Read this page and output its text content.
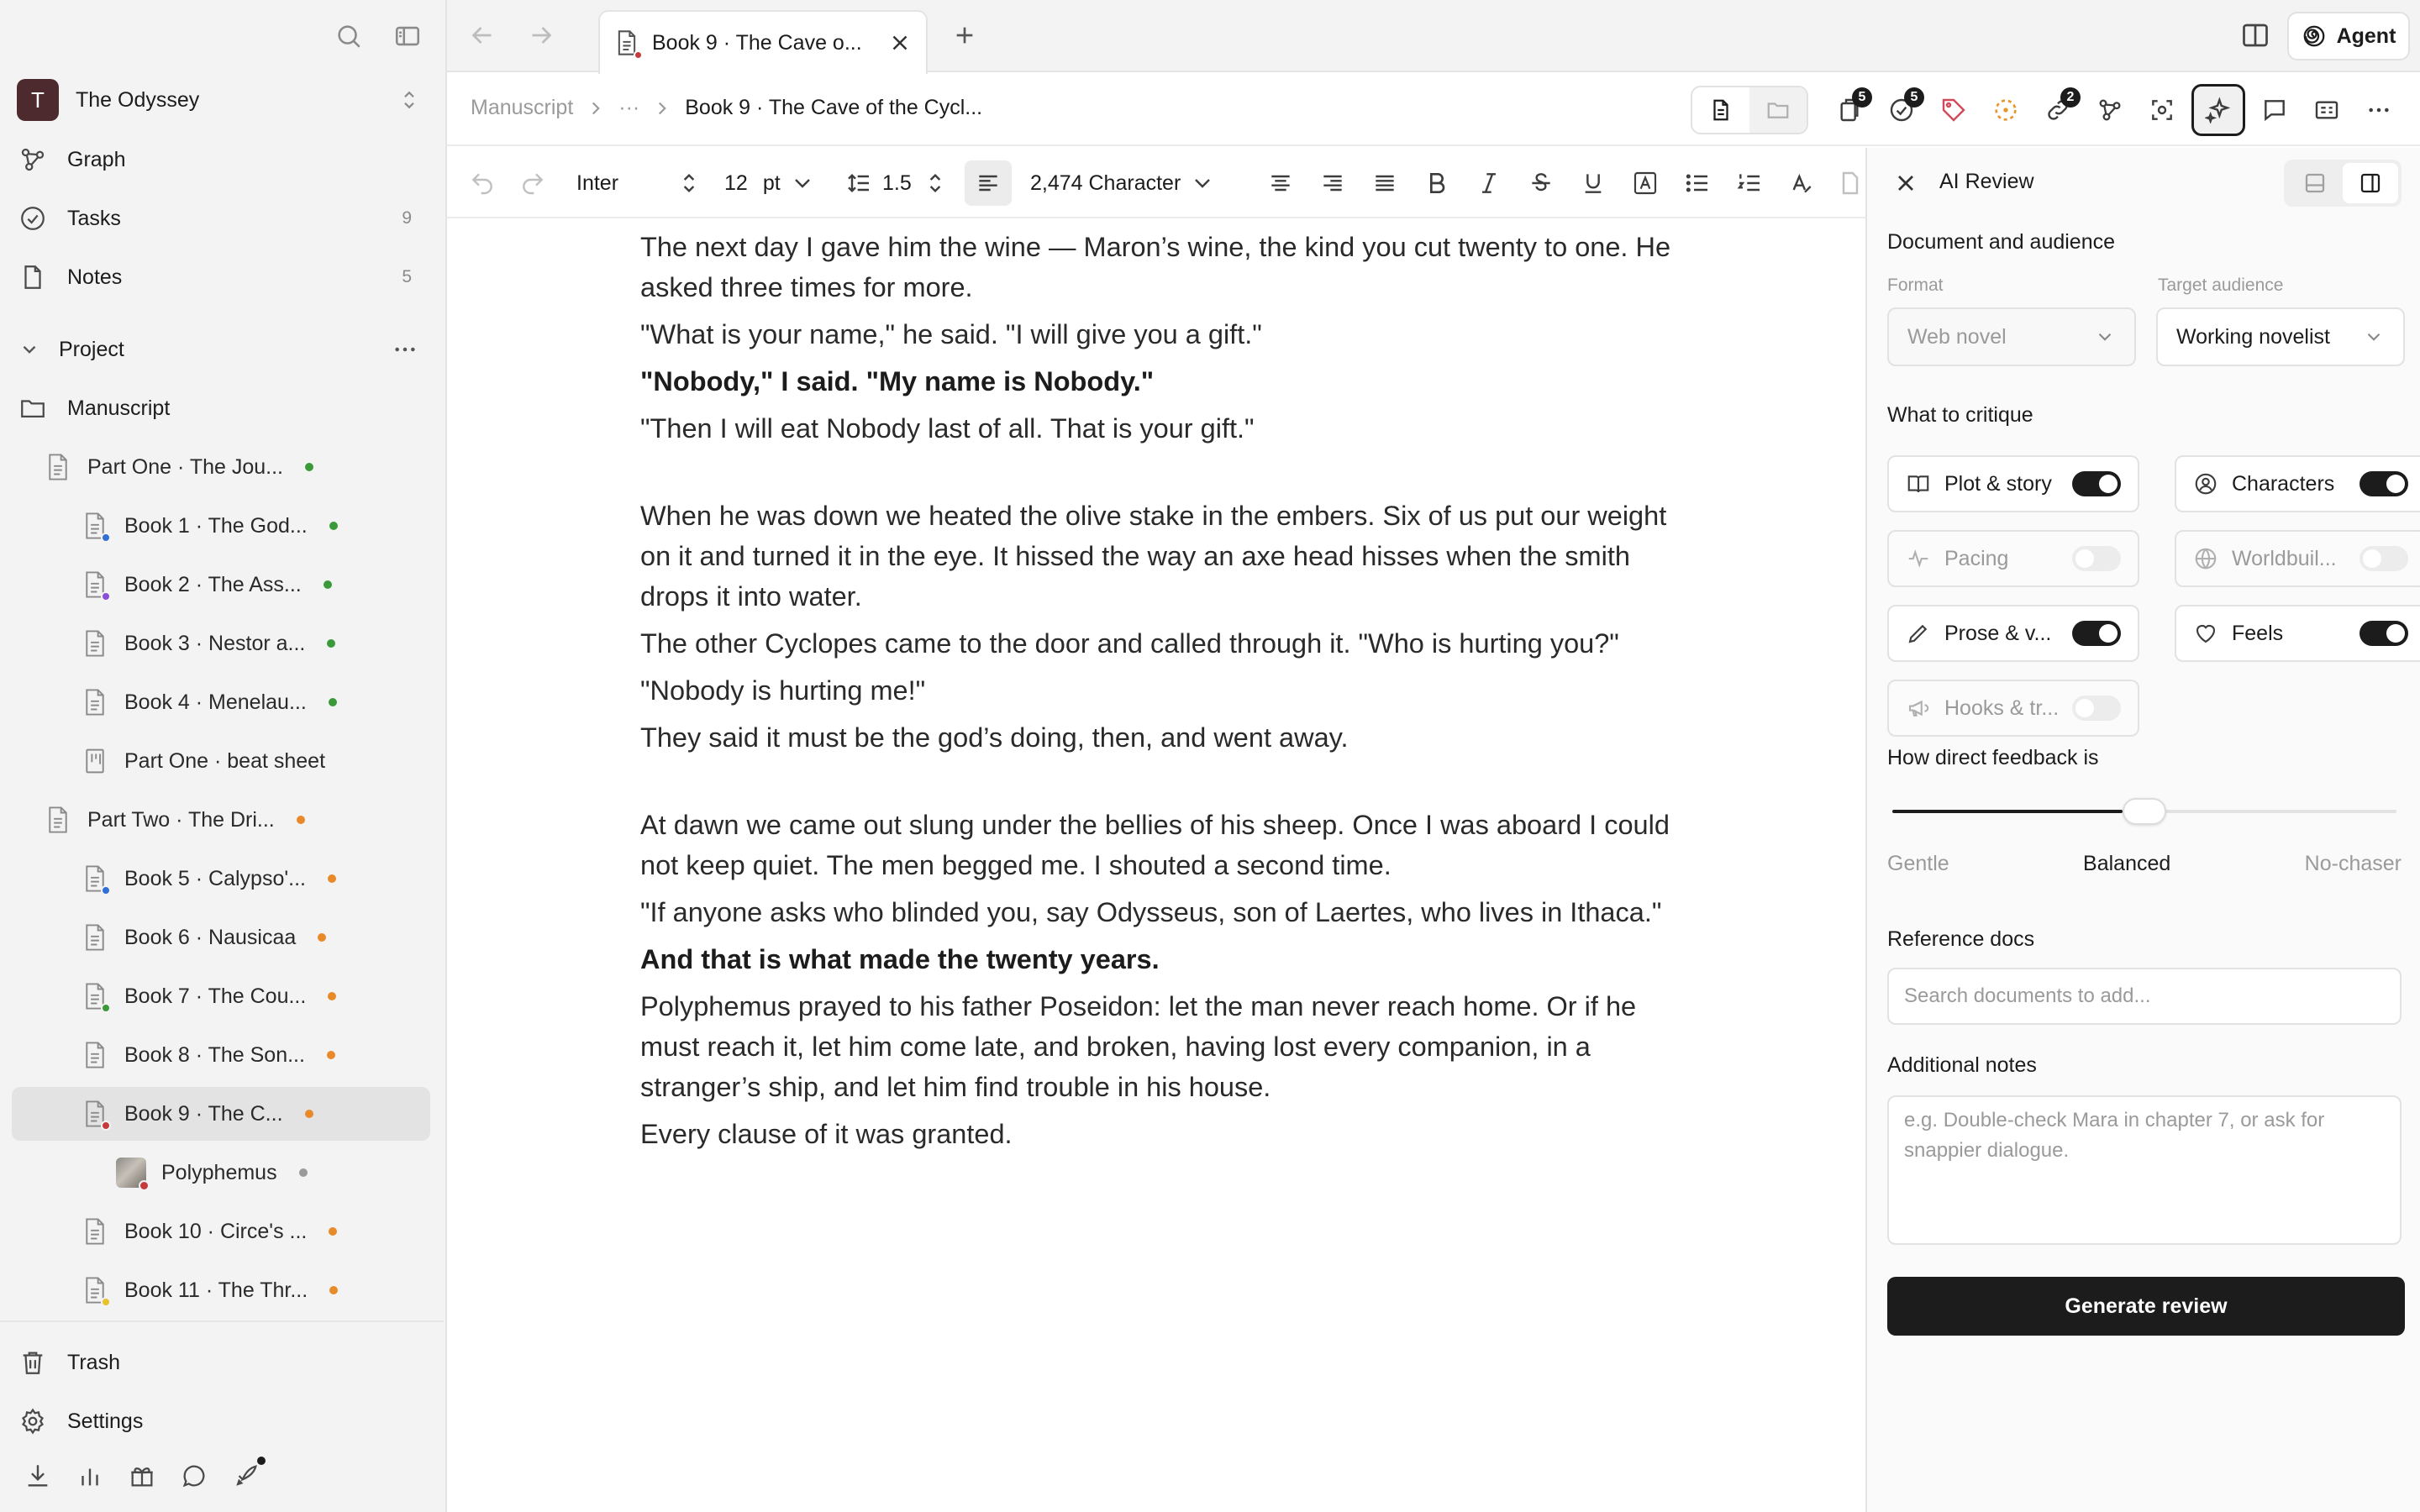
T	The Odyssey
Graph
Tasks	9
Notes	5
Project
Manuscript
Part One · The Jou...
Book 1 · The God...
Book 2 · The Ass...
Book 3 · Nestor a...
Book 4 · Menelau...
Part One · beat sheet
Part Two · The Dri...
Book 5 · Calypso'...
Book 6 · Nausicaa
Book 7 · The Cou...
Book 8 · The Son...
Book 9 · The C...
Polyphemus
Book 10 · Circe's ...
Book 11 · The Thr...
Trash
Settings
Book 9 · The Cave o...	Agent
Manuscript ··· Book 9 · The Cave of the Cycl...	5	5	2
Inter	12 pt	1.5	2,474 Character

The next day I gave him the wine — Maron’s wine, the kind you cut twenty to one. He asked three times for more.

"What is your name," he said. "I will give you a gift."

"Nobody," I said. "My name is Nobody."

"Then I will eat Nobody last of all. That is your gift."

When he was down we heated the olive stake in the embers. Six of us put our weight on it and turned it in the eye. It hissed the way an axe head hisses when the smith drops it into water.

The other Cyclopes came to the door and called through it. "Who is hurting you?"

"Nobody is hurting me!"

They said it must be the god’s doing, then, and went away.

At dawn we came out slung under the bellies of his sheep. Once I was aboard I could not keep quiet. The men begged me. I shouted a second time.

"If anyone asks who blinded you, say Odysseus, son of Laertes, who lives in Ithaca."

And that is what made the twenty years.

Polyphemus prayed to his father Poseidon: let the man never reach home. Or if he must reach it, let him come late, and broken, having lost every companion, in a stranger’s ship, and let him find trouble in his house.

Every clause of it was granted.

AI Review
Document and audience
Format	Target audience
Web novel	Working novelist
What to critique
Plot & story	Characters
Pacing	Worldbuil...
Prose & v...	Feels
Hooks & tr...
How direct feedback is
Gentle	Balanced	No-chaser
Reference docs
Search documents to add...
Additional notes
e.g. Double-check Mara in chapter 7, or ask for snappier dialogue.
Generate review
